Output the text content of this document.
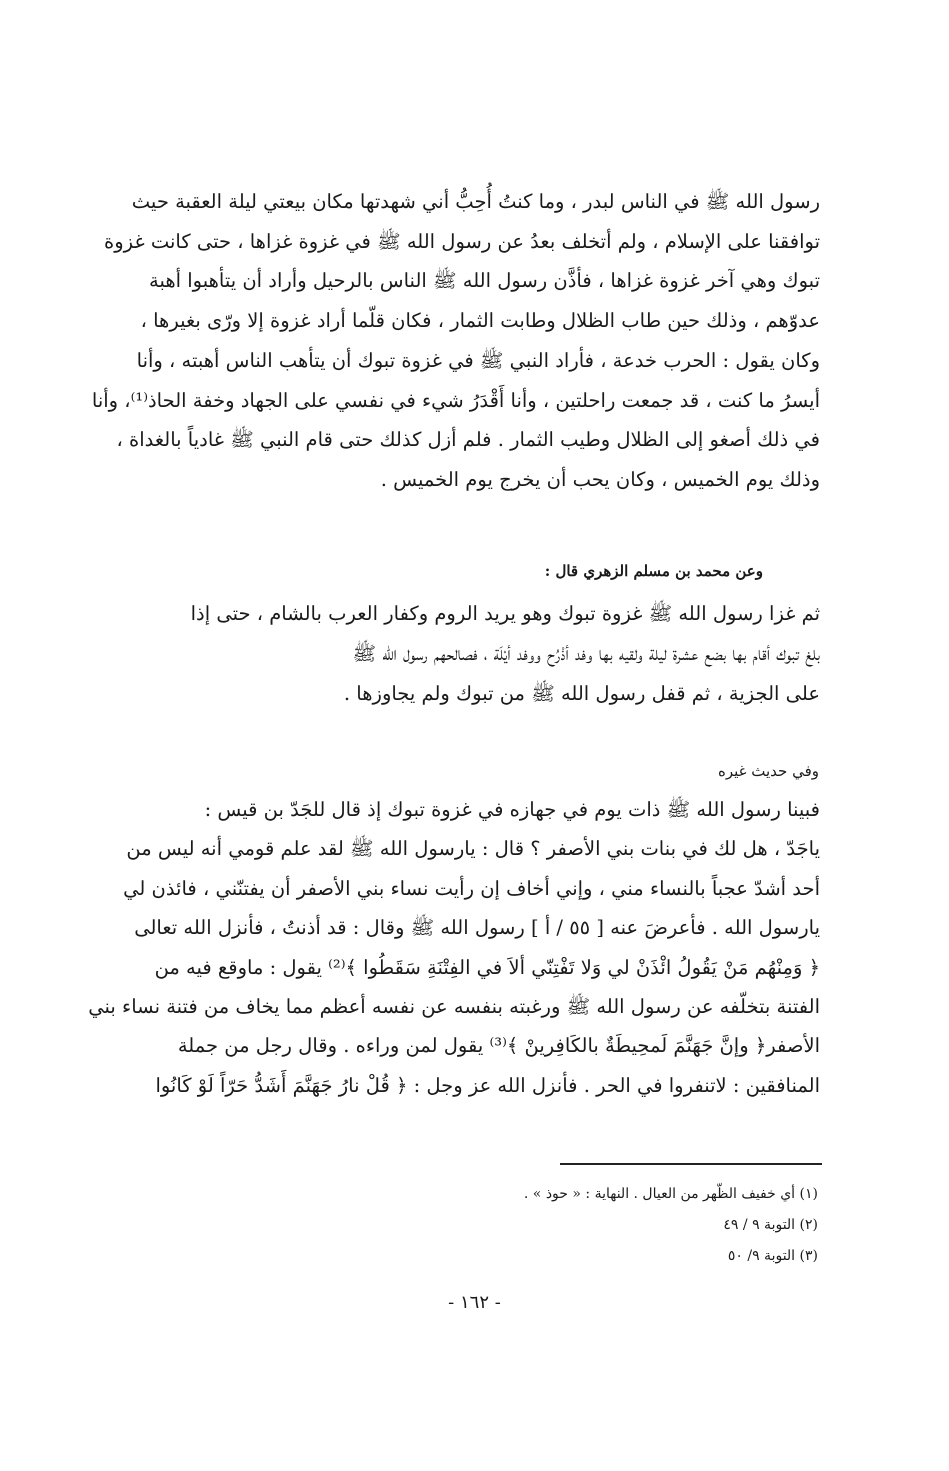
رسول الله ﷺ في الناس لبدر ، وما كنتُ أُحِبُّ أني شهدتها مكان بيعتي ليلة العقبة حيث
توافقنا على الإسلام ، ولم أتخلف بعدُ عن رسول الله ﷺ في غزوة غزاها ، حتى كانت غزوة
تبوك وهي آخر غزوة غزاها ، فأذَّن رسول الله ﷺ الناس بالرحيل وأراد أن يتأهبوا أهبة
عدوّهم ، وذلك حين طاب الظلال وطابت الثمار ، فكان قلّما أراد غزوة إلا ورّى بغيرها ،
وكان يقول : الحرب خدعة ، فأراد النبي ﷺ في غزوة تبوك أن يتأهب الناس أهبته ، وأنا
أيسرُ ما كنت ، قد جمعت راحلتين ، وأنا أَقْدَرُ شيء في نفسي على الجهاد وخفة الحاذ⁽¹⁾، وأنا
في ذلك أصغو إلى الظلال وطيب الثمار . فلم أزل كذلك حتى قام النبي ﷺ غادياً بالغداة ،
وذلك يوم الخميس ، وكان يحب أن يخرج يوم الخميس .
وعن محمد بن مسلم الزهري قال :
ثم غزا رسول الله ﷺ غزوة تبوك وهو يريد الروم وكفار العرب بالشام ، حتى إذا
بلغ تبوك أقام بها بضع عشرة ليلة ولقيه بها وفد أذْرُح ووفد أيْلَة ، فصالحهم رسول الله ﷺ
على الجزية ، ثم قفل رسول الله ﷺ من تبوك ولم يجاوزها .
وفي حديث غيره
فبينا رسول الله ﷺ ذات يوم في جهازه في غزوة تبوك إذ قال للجَدّ بن قيس :
ياجَدّ ، هل لك في بنات بني الأصفر ؟ قال : يارسول الله ﷺ لقد علم قومي أنه ليس من
أحد أشدّ عجباً بالنساء مني ، وإني أخاف إن رأيت نساء بني الأصفر أن يفتنّني ، فائذن لي
يارسول الله . فأعرضَ عنه [ ٥٥ / أ ] رسول الله ﷺ وقال : قد أذنتُ ، فأنزل الله تعالى
﴿ وَمِنْهُم مَنْ يَقُولُ ائْذَنْ لي وَلا تَفْتِنّي ألاَ في الفِتْنَةِ سَقَطُوا ﴾⁽²⁾ يقول : ماوقع فيه من
الفتنة بتخلّفه عن رسول الله ﷺ ورغبته بنفسه عن نفسه أعظم مما يخاف من فتنة نساء بني
الأصفر﴿ وإنَّ جَهَنَّمَ لَمحِيطَةٌ بالكَافِرينْ ﴾⁽³⁾ يقول لمن وراءه . وقال رجل من جملة
المنافقين : لاتنفروا في الحر . فأنزل الله عز وجل : ﴿ قُلْ نارُ جَهَنَّمَ أَشَدُّ حَرّاً لَوْ كَانُوا
(١) أي خفيف الظّهر من العيال . النهاية : « حوذ » .
(٢) التوبة ٩ / ٤٩
(٣) التوبة ٩/ ٥٠
- ١٦٢ -
